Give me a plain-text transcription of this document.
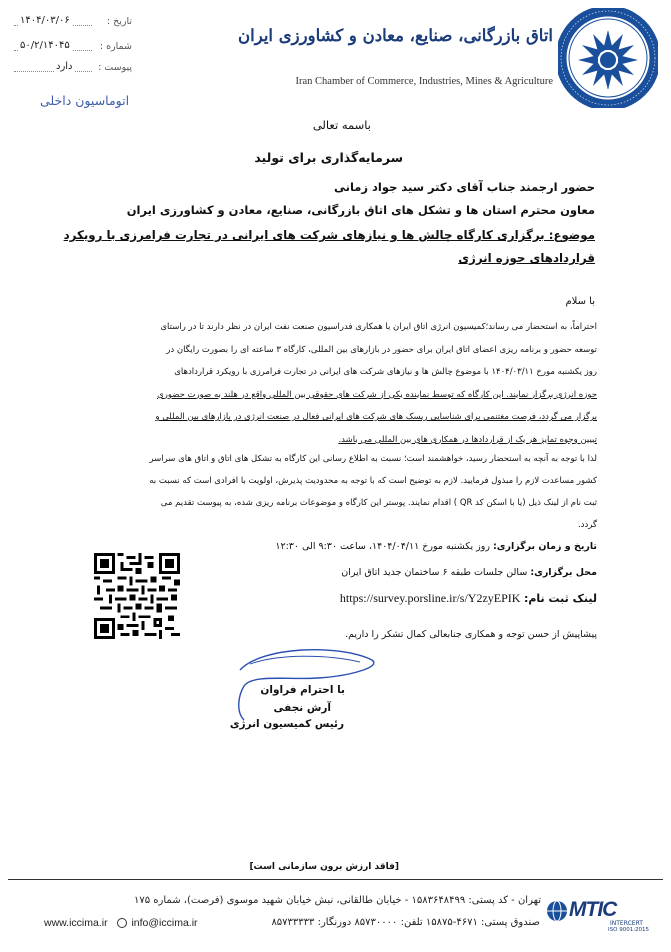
تاریخ :
۱۴۰۴/۰۳/۰۶
شماره :
۵۰/۲/۱۴۰۴۵
پیوست :
دارد
اتوماسیون داخلی
اتاق بازرگانی، صنایع، معادن و کشاورزی ایران
Iran Chamber of Commerce, Industries, Mines & Agriculture
باسمه تعالی
سرمایه‌گذاری برای تولید
حضور ارجمند جناب آقای دکتر سید جواد زمانی
معاون محترم استان ها و تشکل های اتاق بازرگانی، صنایع، معادن و کشاورزی ایران
موضوع: برگزاری کارگاه چالش ها و نیازهای شرکت های ایرانی در تجارت فرامرزی با رویکرد
قراردادهای حوزه انرژی
با سلام

احتراماً، به استحضار می رساند؛کمیسیون انرژی اتاق ایران با همکاری فدراسیون صنعت نفت ایران در نظر دارند تا در راستای

توسعه حضور و برنامه ریزی اعضای اتاق ایران برای حضور در بازارهای بین المللی، کارگاه ۳ ساعته ای را بصورت رایگان در

روز یکشنبه مورخ ۱۴۰۴/۰۳/۱۱ با موضوع چالش ها و نیازهای شرکت های ایرانی در تجارت فرامرزی با رویکرد قراردادهای

حوزه انرژی برگزار نمایند. این کارگاه که توسط نماینده یکی از شرکت های حقوقی بین المللی واقع در هلند به صورت حضوری

برگزار می گردد، فرصت مغتنمی برای شناسایی ریسک های شرکت های ایرانی فعال در صنعت انرژی در بازارهای بین المللی و

تبیین وجوه تمایز هر یک از قراردادها در همکاری های بین المللی می باشد.

لذا با توجه به آنچه به استحضار رسید، خواهشمند است؛ نسبت به اطلاع رسانی این کارگاه به تشکل های اتاق و اتاق های سراسر

کشور مساعدت لازم را مبذول فرمایید. لازم به توضیح است که با توجه به محدودیت پذیرش، اولویت با افرادی است که نسبت به

ثبت نام از لینک ذیل (یا با اسکن کد QR ) اقدام نمایند. پوستر این کارگاه و موضوعات برنامه ریزی شده، به پیوست تقدیم می

گردد.

تاریخ و زمان برگزاری: روز یکشنبه مورخ ۱۴۰۴/۰۴/۱۱، ساعت ۹:۳۰ الی ۱۲:۳۰
محل برگزاری: سالن جلسات طبقه ۶ ساختمان جدید اتاق ایران
لینک ثبت نام: https://survey.porsline.ir/s/Y2zyEPIK
پیشاپیش از حسن توجه و همکاری جنابعالی کمال تشکر را داریم.
با احترام فراوان
آرش نجفی
رئیس کمیسیون انرژی
[فاقد ارزش برون سازمانی است]
تهران - کد پستی: ۱۵۸۳۶۴۸۴۹۹ - خیابان طالقانی، نبش خیابان شهید موسوی (فرصت)، شماره ۱۷۵
صندوق پستی: ۴۶۷۱-۱۵۸۷۵ تلفن: ۸۵۷۳۰۰۰۰ دورنگار: ۸۵۷۳۳۳۳۳
www.iccima.ir info@iccima.ir
MTIC
INTERCERT
ISO 9001:2015
